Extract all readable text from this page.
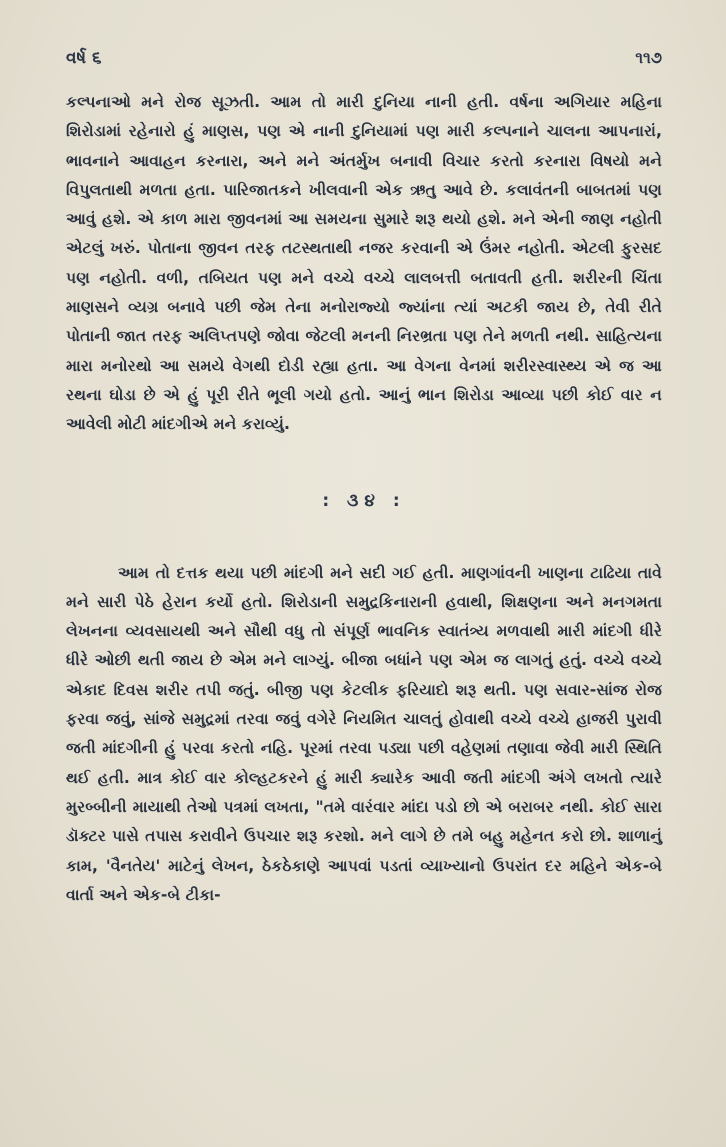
વર્ષ ૬	૧૧૭

કલ્પનાઓ મને રોજ સૂઝતી. આમ તો મારી દુનિયા નાની હતી. વર્ષના અગિયાર મહિના શિરોડામાં રહેનારો હું માણસ, પણ એ નાની દુનિયામાં પણ મારી કલ્પનાને ચાલના આપનારાં, ભાવનાને આવાહન કરનારા, અને મને અંતર્મુખ બનાવી વિચાર કરતો કરનારા વિષયો મને વિપુલતાથી મળતા હતા. પારિજાતકને ખીલવાની એક ઋતુ આવે છે. કલાવંતની બાબતમાં પણ આવું હશે. એ કાળ મારા જીવનમાં આ સમયના સુમારે શરૂ થયો હશે. મને એની જાણ નહોતી એટલું ખરું. પોતાના જીવન તરફ તટસ્થતાથી નજર કરવાની એ ઉંમર નહોતી. એટલી ફુરસદ પણ નહોતી. વળી, તબિયત પણ મને વચ્ચે વચ્ચે લાલબત્તી બતાવતી હતી. શરીરની ચિંતા માણસને વ્યગ્ર બનાવે પછી જેમ તેના મનોરાજ્યો જ્યાંના ત્યાં અટકી જાય છે, તેવી રીતે પોતાની જાત તરફ અલિપ્તપણે જોવા જેટલી મનની નિરભ્રતા પણ તેને મળતી નથી. સાહિત્યના મારા મનોરથો આ સમયે વેગથી દોડી રહ્યા હતા. આ વેગના વેનમાં શરીરસ્વાસ્થ્ય એ જ આ રથના ઘોડા છે એ હું પૂરી રીતે ભૂલી ગયો હતો. આનું ભાન શિરોડા આવ્યા પછી કોઈ વાર ન આવેલી મોટી માંદગીએ મને કરાવ્યું.

: ૩૪ :

આમ તો દત્તક થયા પછી માંદગી મને સદી ગઈ હતી. માણગાંવની ખાણના ટાઢિયા તાવે મને સારી પેઠે હેરાન કર્યો હતો. શિરોડાની સમુદ્રકિનારાની હવાથી, શિક્ષણના અને મનગમતા લેખનના વ્યવસાયથી અને સૌથી વધુ તો સંપૂર્ણ ભાવનિક સ્વાતંત્ર્ય મળવાથી મારી માંદગી ધીરે ધીરે ઓછી થતી જાય છે એમ મને લાગ્યું. બીજા બધાંને પણ એમ જ લાગતું હતું. વચ્ચે વચ્ચે એકાદ દિવસ શરીર તપી જતું. બીજી પણ કેટલીક ફરિયાદો શરૂ થતી. પણ સવાર-સાંજ રોજ ફરવા જવું, સાંજે સમુદ્રમાં તરવા જવું વગેરે નિયમિત ચાલતું હોવાથી વચ્ચે વચ્ચે હાજરી પુરાવી જતી માંદગીની હું પરવા કરતો નહિ. પૂરમાં તરવા પડ્યા પછી વહેણમાં તણાવા જેવી મારી સ્થિતિ થઈ હતી. માત્ર કોઈ વાર કોલ્હટકરને હું મારી ક્યારેક આવી જતી માંદગી અંગે લખતો ત્યારે મુરબ્બીની માયાથી તેઓ પત્રમાં લખતા, "તમે વારંવાર માંદા પડો છો એ બરાબર નથી. કોઈ સારા ડૉક્ટર પાસે તપાસ કરાવીને ઉપચાર શરૂ કરશો. મને લાગે છે તમે બહુ મહેનત કરો છો. શાળાનું કામ, 'વૈનતેય' માટેનું લેખન, ઠેકઠેકાણે આપવાં પડતાં વ્યાખ્યાનો ઉપરાંત દર મહિને એક-બે વાર્તા અને એક-બે ટીકા-
